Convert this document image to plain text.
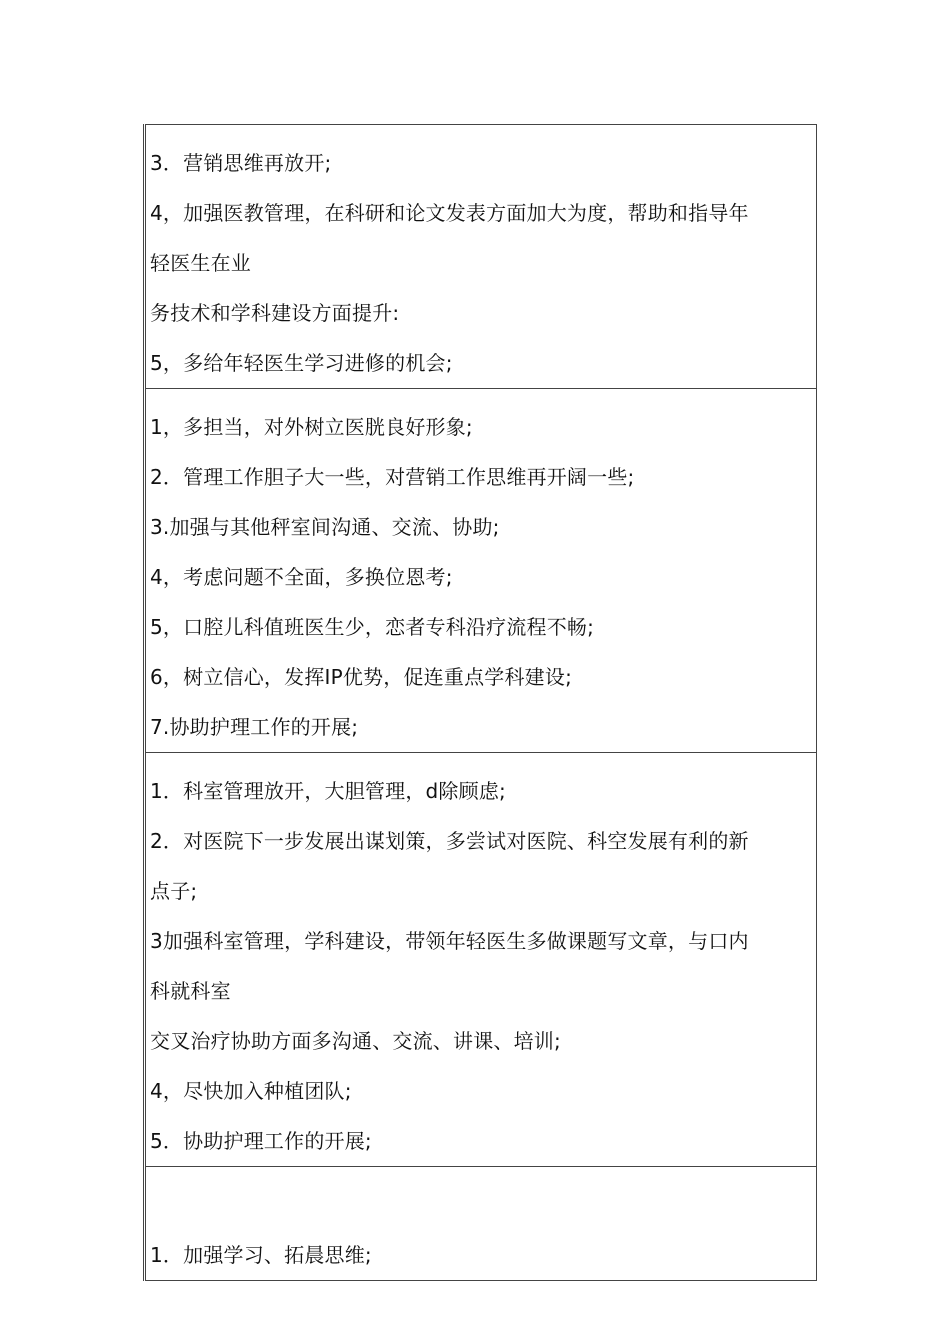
3．营销思维再放开;
4，加强医教管理，在科研和论文发表方面加大为度，帮助和指导年
轻医生在业
务技术和学科建设方面提升:
5，多给年轻医生学习进修的机会;

1，多担当，对外树立医胱良好形象;
2．管理工作胆子大一些，对营销工作思维再开阔一些;
3.加强与其他秤室间沟通、交流、协助;
4，考虑问题不全面，多换位恩考;
5，口腔儿科值班医生少，恋者专科沿疗流程不畅;
6，树立信心，发挥IP优势，促连重点学科建设;
7.协助护理工作的开展;

1．科室管理放开，大胆管理，d除顾虑;
2．对医院下一步发展出谋划策，多尝试对医院、科空发展有利的新
点子;
3加强科室管理，学科建设，带领年轻医生多做课题写文章，与口内
科就科室
交叉治疗协助方面多沟通、交流、讲课、培训;
4，尽快加入种植团队;
5．协助护理工作的开展;

1．加强学习、拓晨思维;
